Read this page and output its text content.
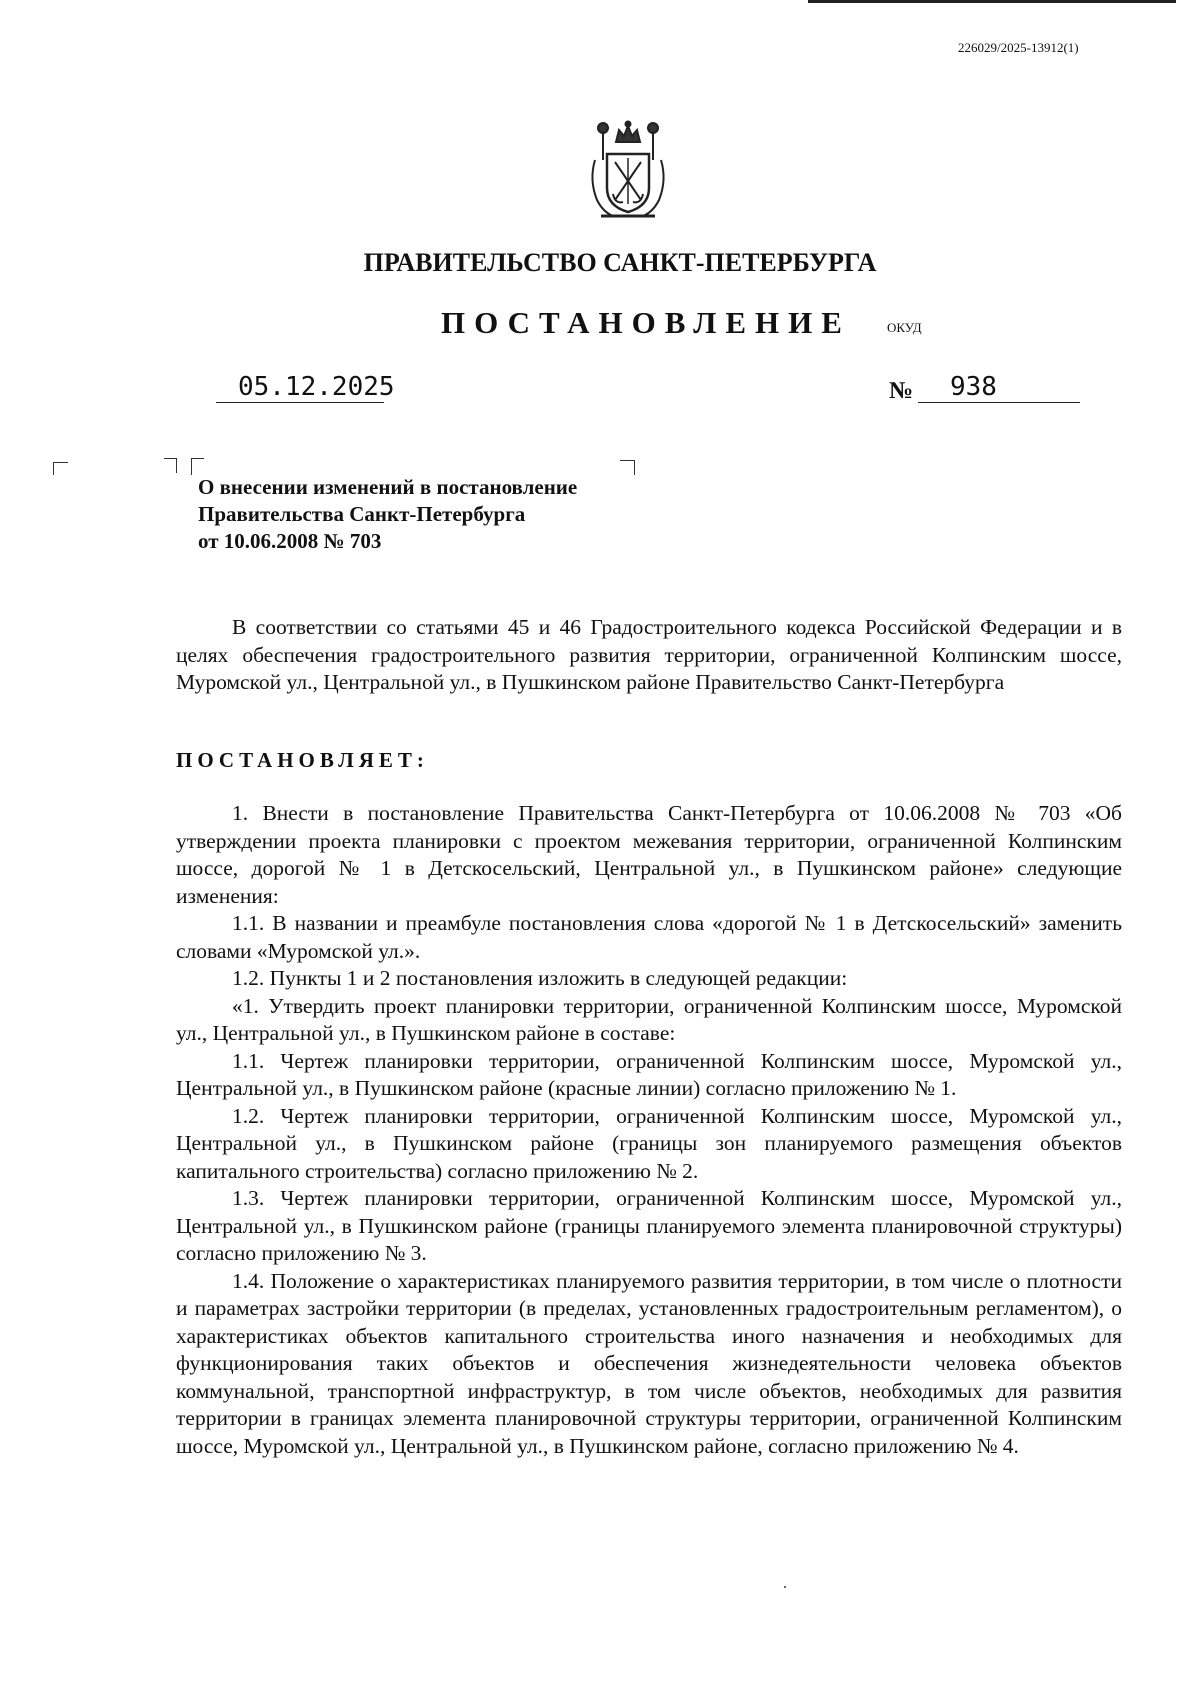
226029/2025-13912(1)
ПРАВИТЕЛЬСТВО САНКТ-ПЕТЕРБУРГА
ПОСТАНОВЛЕНИЕ	ОКУД
05.12.2025	№	938
О внесении изменений в постановление
Правительства Санкт-Петербурга
от 10.06.2008 № 703
В соответствии со статьями 45 и 46 Градостроительного кодекса Российской Федерации и в целях обеспечения градостроительного развития территории, ограниченной Колпинским шоссе, Муромской ул., Центральной ул., в Пушкинском районе Правительство Санкт-Петербурга
ПОСТАНОВЛЯЕТ:
1. Внести в постановление Правительства Санкт-Петербурга от 10.06.2008 № 703 «Об утверждении проекта планировки с проектом межевания территории, ограниченной Колпинским шоссе, дорогой № 1 в Детскосельский, Центральной ул., в Пушкинском районе» следующие изменения:
1.1. В названии и преамбуле постановления слова «дорогой № 1 в Детскосельский» заменить словами «Муромской ул.».
1.2. Пункты 1 и 2 постановления изложить в следующей редакции:
«1. Утвердить проект планировки территории, ограниченной Колпинским шоссе, Муромской ул., Центральной ул., в Пушкинском районе в составе:
1.1. Чертеж планировки территории, ограниченной Колпинским шоссе, Муромской ул., Центральной ул., в Пушкинском районе (красные линии) согласно приложению № 1.
1.2. Чертеж планировки территории, ограниченной Колпинским шоссе, Муромской ул., Центральной ул., в Пушкинском районе (границы зон планируемого размещения объектов капитального строительства) согласно приложению № 2.
1.3. Чертеж планировки территории, ограниченной Колпинским шоссе, Муромской ул., Центральной ул., в Пушкинском районе (границы планируемого элемента планировочной структуры) согласно приложению № 3.
1.4. Положение о характеристиках планируемого развития территории, в том числе о плотности и параметрах застройки территории (в пределах, установленных градостроительным регламентом), о характеристиках объектов капитального строительства иного назначения и необходимых для функционирования таких объектов и обеспечения жизнедеятельности человека объектов коммунальной, транспортной инфраструктур, в том числе объектов, необходимых для развития территории в границах элемента планировочной структуры территории, ограниченной Колпинским шоссе, Муромской ул., Центральной ул., в Пушкинском районе, согласно приложению № 4.
